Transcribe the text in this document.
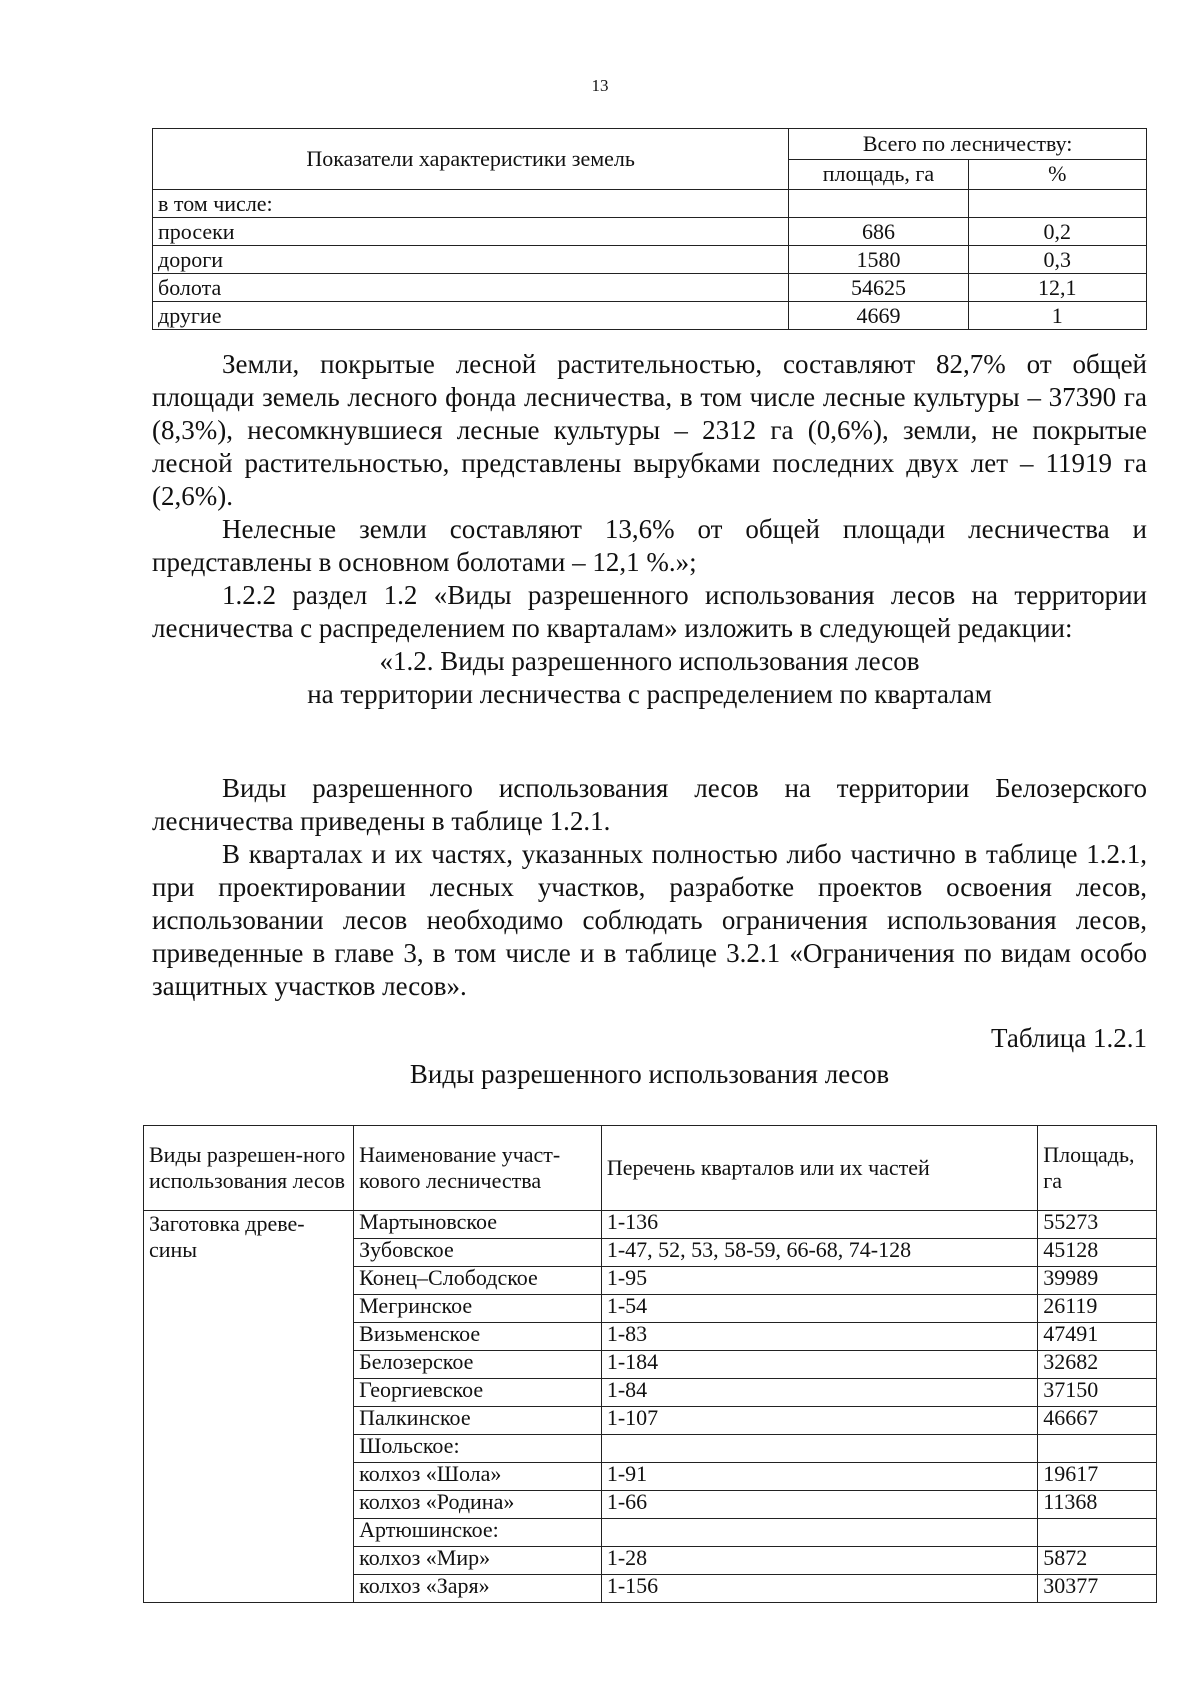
13
Показатели характеристики земель	Всего по лесничеству:	
	площадь, га	%
в том числе:		
просеки	686	0,2
дороги	1580	0,3
болота	54625	12,1
другие	4669	1

Земли, покрытые лесной растительностью, составляют 82,7% от общей площади земель лесного фонда лесничества, в том числе лесные культуры – 37390 га (8,3%), несомкнувшиеся лесные культуры – 2312 га (0,6%), земли, не покрытые лесной растительностью, представлены вырубками последних двух лет – 11919 га (2,6%).

Нелесные земли составляют 13,6% от общей площади лесничества и представлены в основном болотами – 12,1 %.»;

1.2.2 раздел 1.2 «Виды разрешенного использования лесов на территории лесничества с распределением по кварталам» изложить в следующей редакции:

«1.2. Виды разрешенного использования лесов

на территории лесничества с распределением по кварталам

Виды разрешенного использования лесов на территории Белозерского лесничества приведены в таблице 1.2.1.

В кварталах и их частях, указанных полностью либо частично в таблице 1.2.1, при проектировании лесных участков, разработке проектов освоения лесов, использовании лесов необходимо соблюдать ограничения использования лесов, приведенные в главе 3, в том числе и в таблице 3.2.1 «Ограничения по видам особо защитных участков лесов».

Таблица 1.2.1
Виды разрешенного использования лесов
Виды разрешен-ного использования лесов	Наименование участ-кового лесничества	Перечень кварталов или их частей	Площадь, га
Заготовка древе-сины	Мартыновское	1-136	55273
	Зубовское	1-47, 52, 53, 58-59, 66-68, 74-128	45128
	Конец–Слободское	1-95	39989
	Мегринское	1-54	26119
	Визьменское	1-83	47491
	Белозерское	1-184	32682
	Георгиевское	1-84	37150
	Палкинское	1-107	46667
	Шольское:		
	колхоз «Шола»	1-91	19617
	колхоз «Родина»	1-66	11368
	Артюшинское:		
	колхоз «Мир»	1-28	5872
	колхоз «Заря»	1-156	30377
